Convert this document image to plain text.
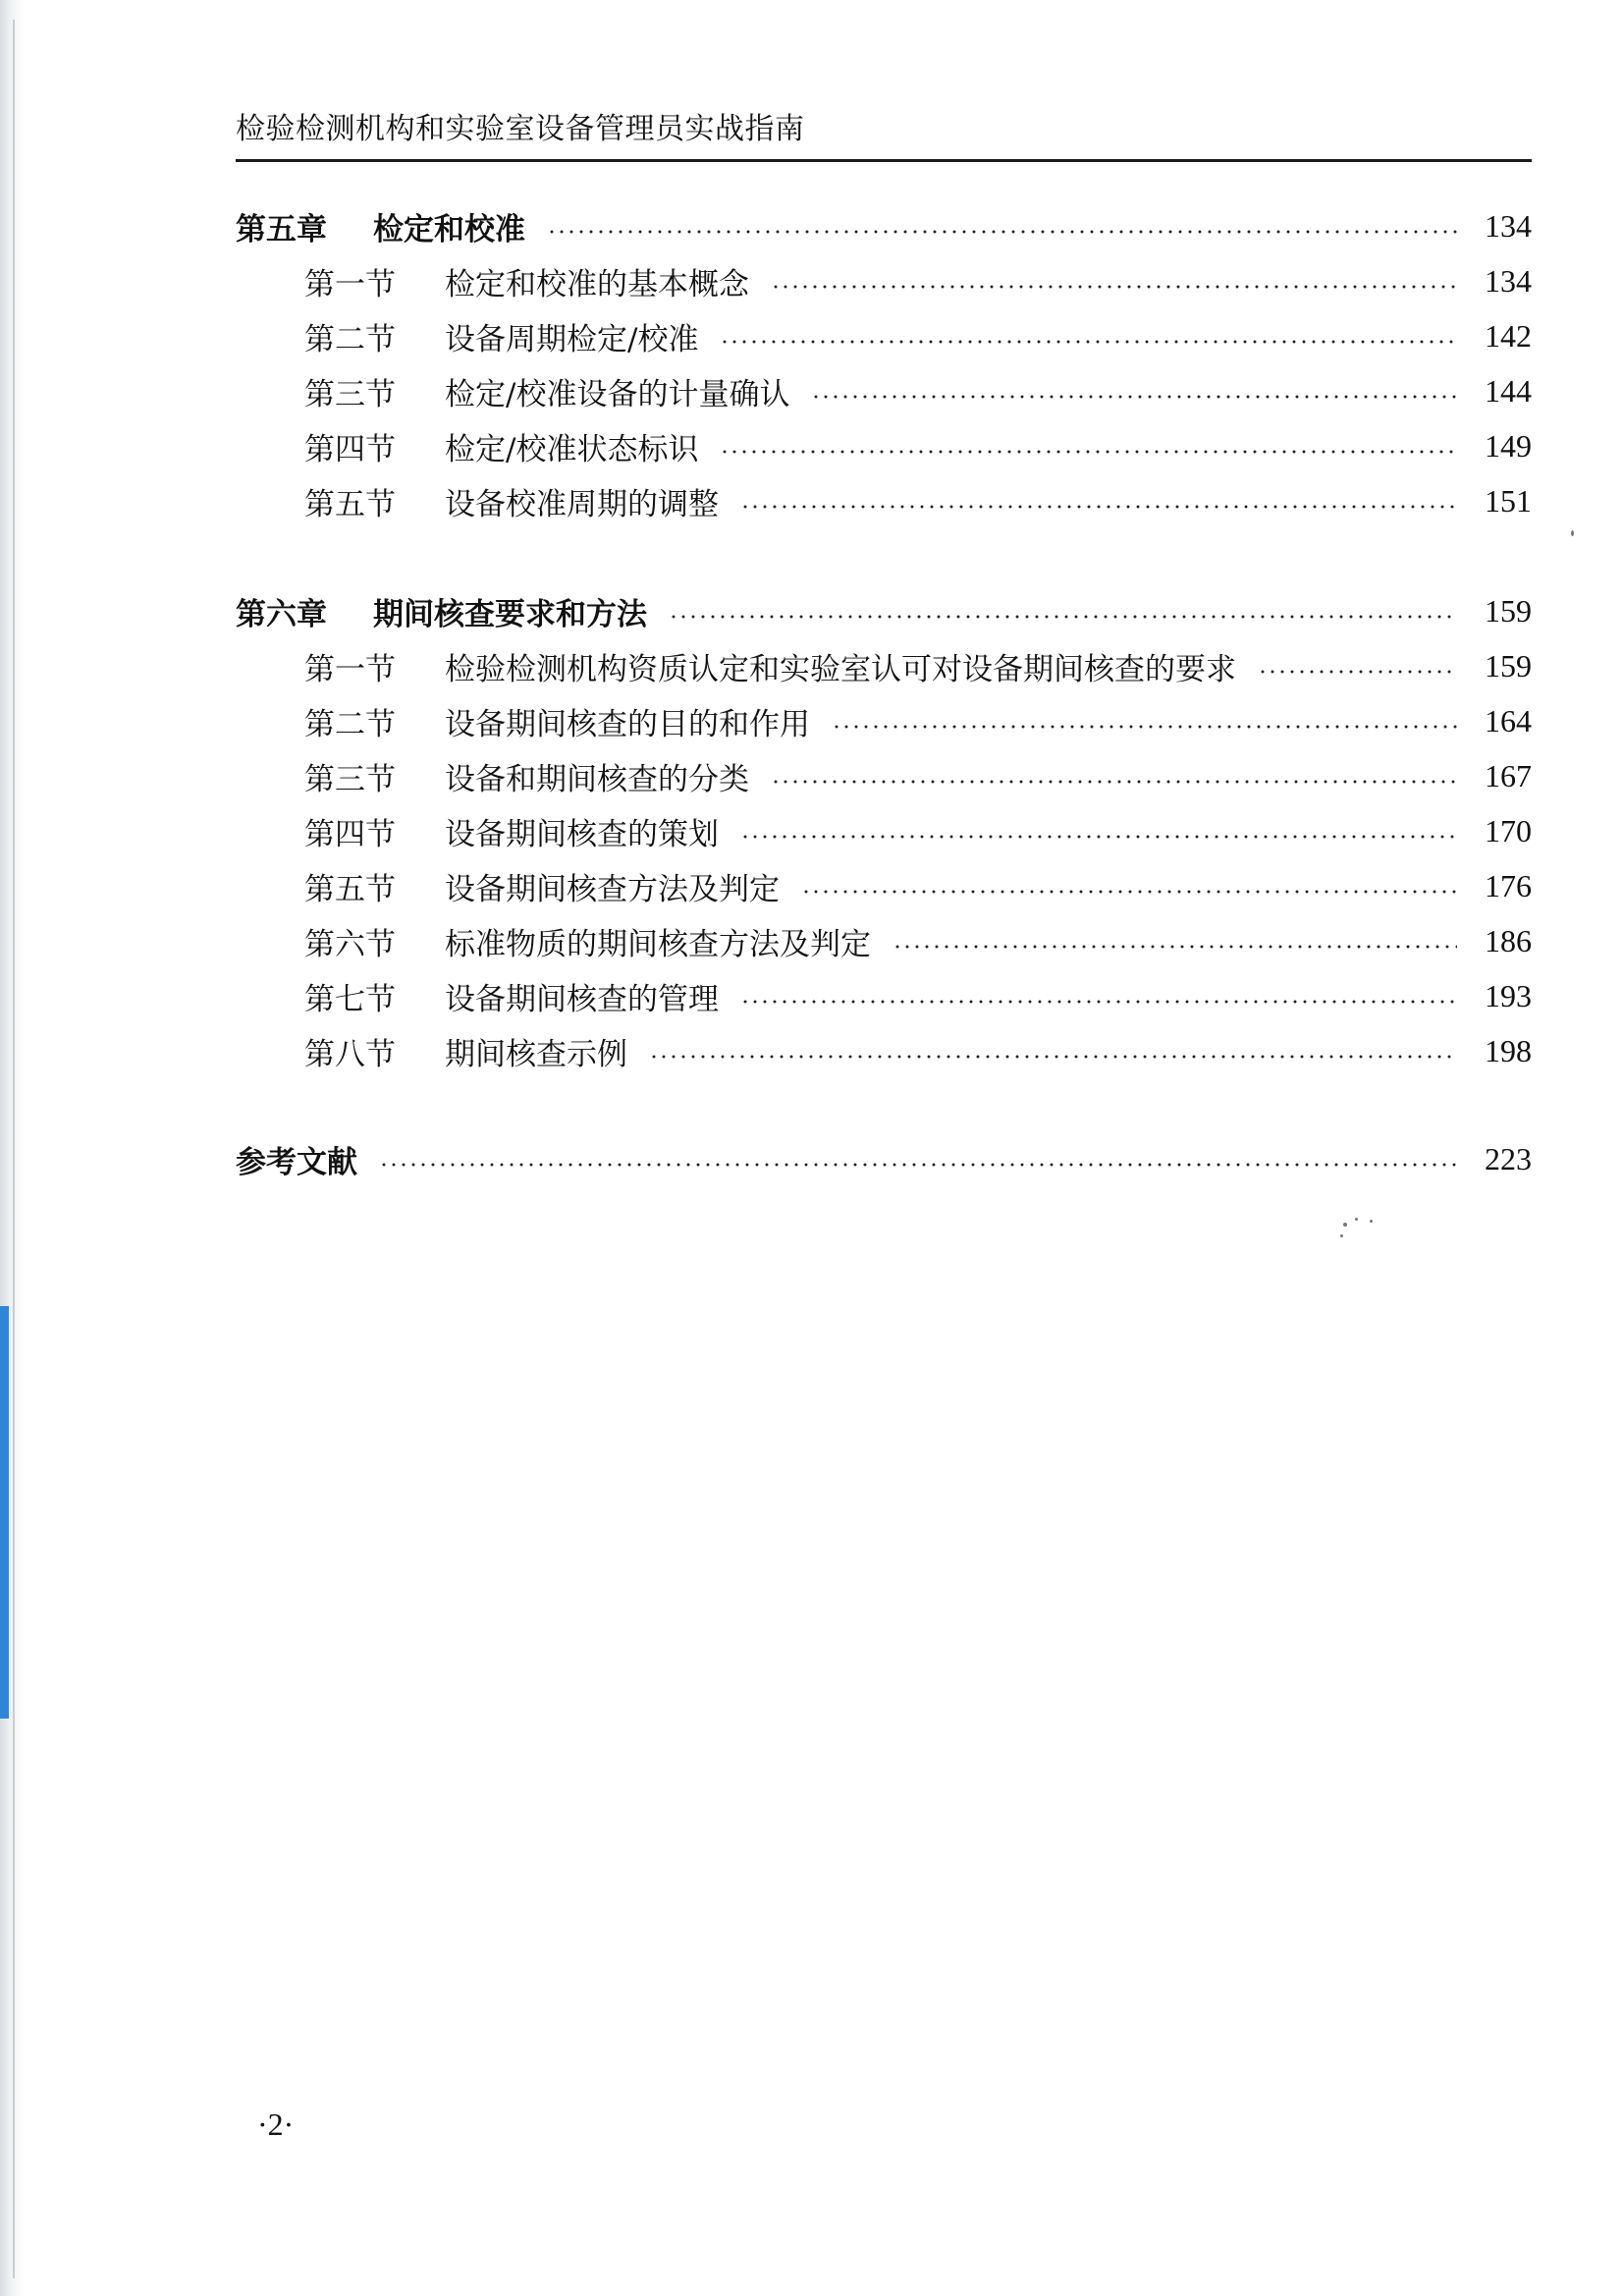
检验检测机构和实验室设备管理员实战指南
第五章 检定和校准	134
第一节 检定和校准的基本概念	134
第二节 设备周期检定/校准	142
第三节 检定/校准设备的计量确认	144
第四节 检定/校准状态标识	149
第五节 设备校准周期的调整	151
第六章 期间核查要求和方法	159
第一节 检验检测机构资质认定和实验室认可对设备期间核查的要求	159
第二节 设备期间核查的目的和作用	164
第三节 设备和期间核查的分类	167
第四节 设备期间核查的策划	170
第五节 设备期间核查方法及判定	176
第六节 标准物质的期间核查方法及判定	186
第七节 设备期间核查的管理	193
第八节 期间核查示例	198
参考文献	223
·2·
